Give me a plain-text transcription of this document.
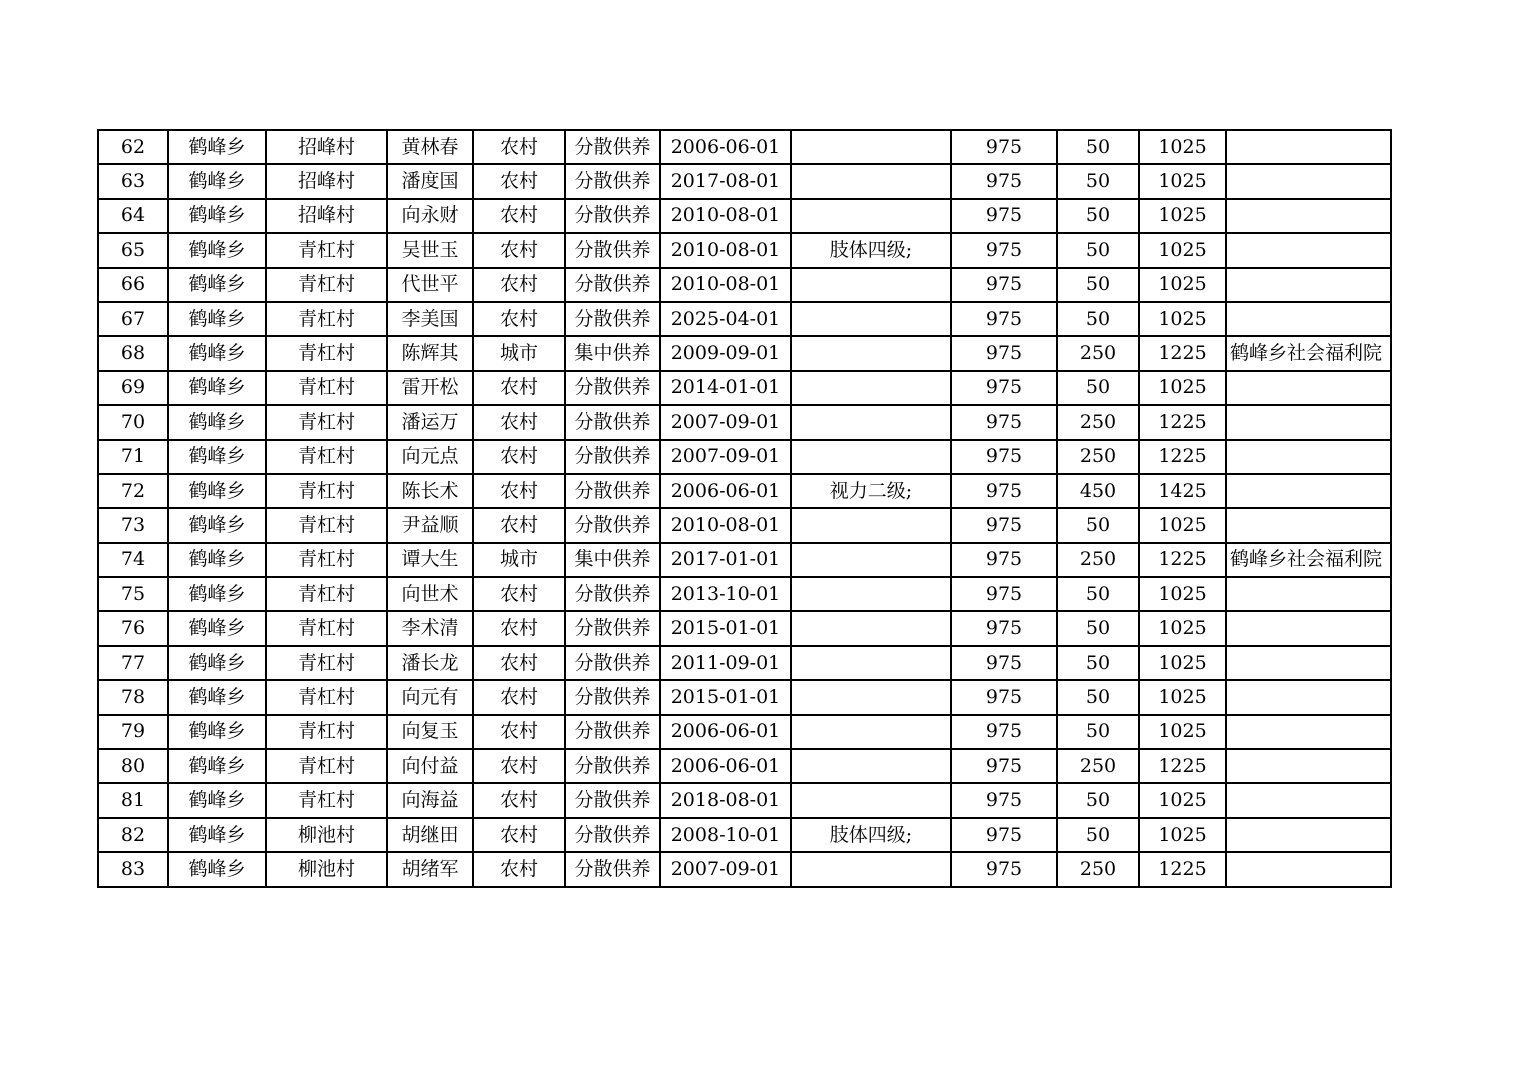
62	鹤峰乡	招峰村	黄林春	农村	分散供养	2006-06-01		975	50	1025	
63	鹤峰乡	招峰村	潘度国	农村	分散供养	2017-08-01		975	50	1025	
64	鹤峰乡	招峰村	向永财	农村	分散供养	2010-08-01		975	50	1025	
65	鹤峰乡	青杠村	吴世玉	农村	分散供养	2010-08-01	肢体四级;	975	50	1025	
66	鹤峰乡	青杠村	代世平	农村	分散供养	2010-08-01		975	50	1025	
67	鹤峰乡	青杠村	李美国	农村	分散供养	2025-04-01		975	50	1025	
68	鹤峰乡	青杠村	陈辉其	城市	集中供养	2009-09-01		975	250	1225	鹤峰乡社会福利院
69	鹤峰乡	青杠村	雷开松	农村	分散供养	2014-01-01		975	50	1025	
70	鹤峰乡	青杠村	潘运万	农村	分散供养	2007-09-01		975	250	1225	
71	鹤峰乡	青杠村	向元点	农村	分散供养	2007-09-01		975	250	1225	
72	鹤峰乡	青杠村	陈长术	农村	分散供养	2006-06-01	视力二级;	975	450	1425	
73	鹤峰乡	青杠村	尹益顺	农村	分散供养	2010-08-01		975	50	1025	
74	鹤峰乡	青杠村	谭大生	城市	集中供养	2017-01-01		975	250	1225	鹤峰乡社会福利院
75	鹤峰乡	青杠村	向世术	农村	分散供养	2013-10-01		975	50	1025	
76	鹤峰乡	青杠村	李术清	农村	分散供养	2015-01-01		975	50	1025	
77	鹤峰乡	青杠村	潘长龙	农村	分散供养	2011-09-01		975	50	1025	
78	鹤峰乡	青杠村	向元有	农村	分散供养	2015-01-01		975	50	1025	
79	鹤峰乡	青杠村	向复玉	农村	分散供养	2006-06-01		975	50	1025	
80	鹤峰乡	青杠村	向付益	农村	分散供养	2006-06-01		975	250	1225	
81	鹤峰乡	青杠村	向海益	农村	分散供养	2018-08-01		975	50	1025	
82	鹤峰乡	柳池村	胡继田	农村	分散供养	2008-10-01	肢体四级;	975	50	1025	
83	鹤峰乡	柳池村	胡绪军	农村	分散供养	2007-09-01		975	250	1225	
